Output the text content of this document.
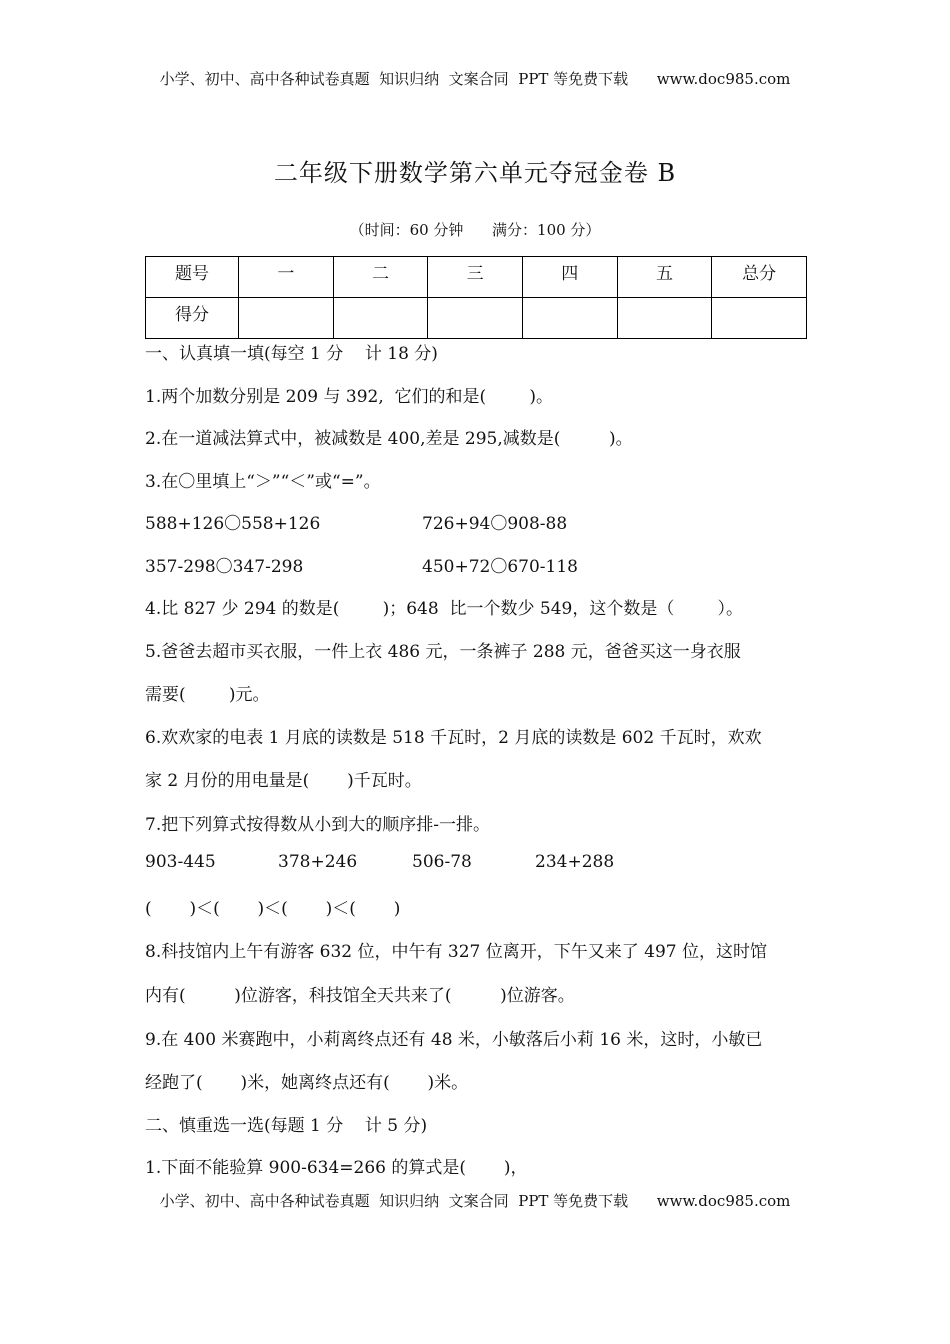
小学、初中、高中各种试卷真题  知识归纳  文案合同  PPT 等免费下载      www.doc985.com
二年级下册数学第六单元夺冠金卷 B
（时间：60 分钟      满分：100 分）
题号	一	二	三	四	五	总分
得分						
一、认真填一填(每空 1 分    计 18 分)
1.两个加数分别是 209 与 392,  它们的和是(        )。
2.在一道减法算式中，被减数是 400,差是 295,减数是(         )。
3.在〇里填上“＞”“＜”或“=”。
588+126〇558+126	726+94〇908-88
357-298〇347-298	450+72〇670-118
4.比 827 少 294 的数是(        )；648  比一个数少 549，这个数是（        ）。
5.爸爸去超市买衣服，一件上衣 486 元，一条裤子 288 元，爸爸买这一身衣服
需要(        )元。
6.欢欢家的电表 1 月底的读数是 518 千瓦时，2 月底的读数是 602 千瓦时，欢欢
家 2 月份的用电量是(       )千瓦时。
7.把下列算式按得数从小到大的顺序排-一排。
903-445	378+246	506-78	234+288
(       )＜(       )＜(       )＜(       )
8.科技馆内上午有游客 632 位，中午有 327 位离开，下午又来了 497 位，这时馆
内有(         )位游客，科技馆全天共来了(         )位游客。
9.在 400 米赛跑中，小莉离终点还有 48 米，小敏落后小莉 16 米，这时，小敏已
经跑了(       )米，她离终点还有(       )米。
二、慎重选一选(每题 1 分    计 5 分)
1.下面不能验算 900-634=266 的算式是(       )，
小学、初中、高中各种试卷真题  知识归纳  文案合同  PPT 等免费下载      www.doc985.com
